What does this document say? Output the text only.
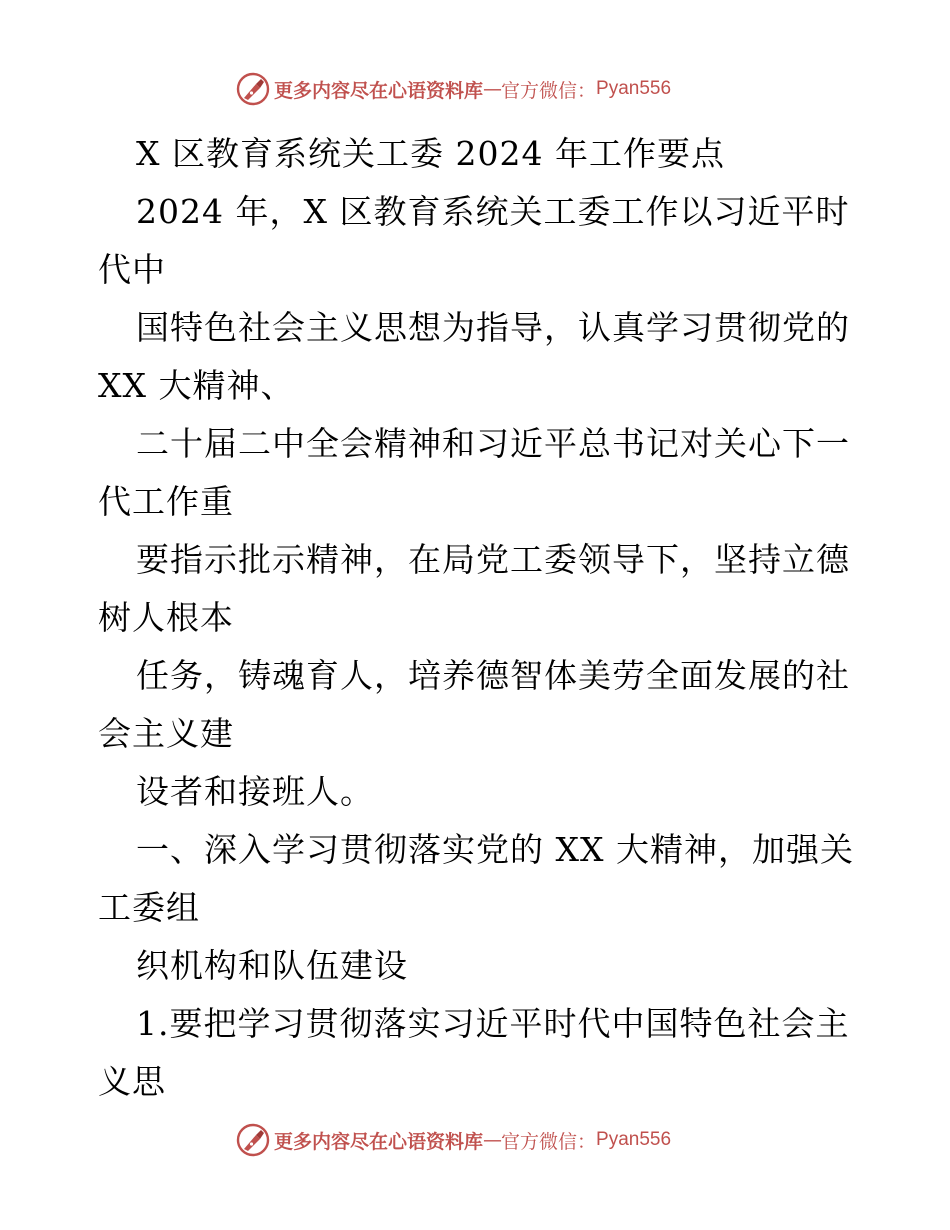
更多内容尽在心语资料库 — 官方微信： Pyan556
X 区教育系统关工委 2024 年工作要点
2024 年，X 区教育系统关工委工作以习近平时
代中
国特色社会主义思想为指导，认真学习贯彻党的
XX 大精神、
二十届二中全会精神和习近平总书记对关心下一
代工作重
要指示批示精神，在局党工委领导下，坚持立德
树人根本
任务，铸魂育人，培养德智体美劳全面发展的社
会主义建
设者和接班人。
一、深入学习贯彻落实党的 XX 大精神，加强关
工委组
织机构和队伍建设
1.要把学习贯彻落实习近平时代中国特色社会主
义思
更多内容尽在心语资料库 — 官方微信： Pyan556
